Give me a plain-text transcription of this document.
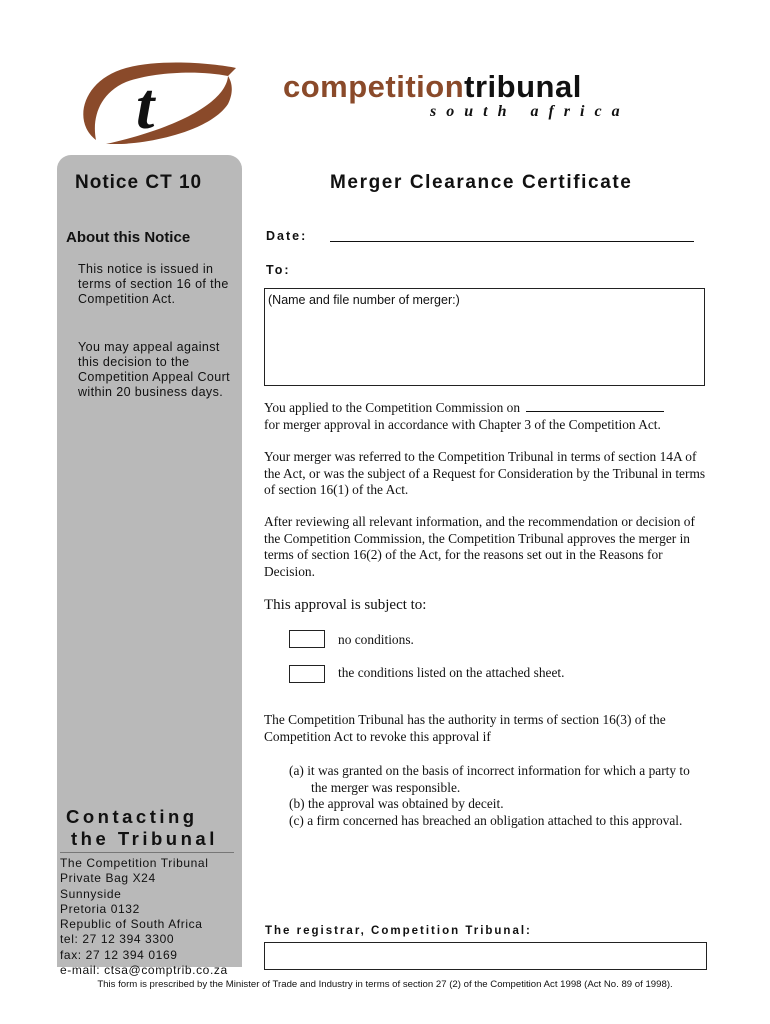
t	competitiontribunal
south africa
Notice CT 10
About this Notice
This notice is issued in terms of section 16 of the Competition Act.
You may appeal against this decision to the Competition Appeal Court within 20 business days.
Contacting
the Tribunal
The Competition Tribunal
Private Bag X24
Sunnyside
Pretoria 0132
Republic of South Africa
tel: 27 12 394 3300
fax: 27 12 394 0169
e-mail: ctsa@comptrib.co.za
Merger Clearance Certificate
Date:
To:
(Name and file number of merger:)
You applied to the Competition Commission on
for merger approval in accordance with Chapter 3 of the Competition Act.
Your merger was referred to the Competition Tribunal in terms of section 14A of the Act, or was the subject of a Request for Consideration by the Tribunal in terms of section 16(1) of the Act.
After reviewing all relevant information, and the recommendation or decision of the Competition Commission, the Competition Tribunal approves the merger in terms of section 16(2) of the Act, for the reasons set out in the Reasons for Decision.
This approval is subject to:
no conditions.
the conditions listed on the attached sheet.
The Competition Tribunal has the authority in terms of section 16(3) of the Competition Act to revoke this approval if
(a) it was granted on the basis of incorrect information for which a party to the merger was responsible.
(b) the approval was obtained by deceit.
(c) a firm concerned has breached an obligation attached to this approval.
The registrar, Competition Tribunal:
This form is prescribed by the Minister of Trade and Industry in terms of section 27 (2) of the Competition Act 1998 (Act No. 89 of 1998).
